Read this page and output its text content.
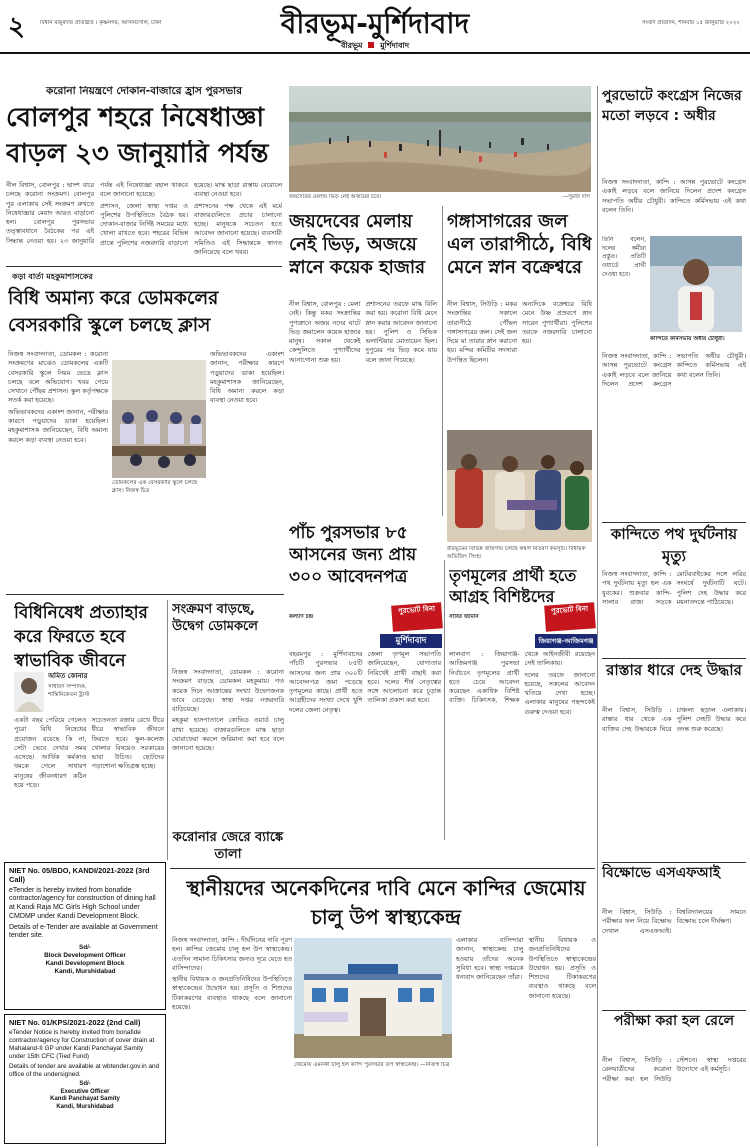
২	বিধান মজুমদার প্রতিষ্ঠিত । কৃষ্ণনগর, আসানসোল, ঢাকা	বীরভূম-মুর্শিদাবাদ	সংবাদ প্রতিদিন, শনিবার ১৫ জানুয়ারি ২০২২
বীরভূম মুর্শিদাবাদ
করোনা নিয়ন্ত্রণে দোকান-বাজারে হ্রাস পুরসভার
বোলপুর শহরে নিষেধাজ্ঞা
বাড়ল ২৩ জানুয়ারি পর্যন্ত

নীল বিশ্বাস, বোলপুর : দ্বাদশ বারে চলছে করোনা সংক্রমণ। বোলপুর পুর এলাকায় সেই সংক্রমণ রুখতে নিষেধাজ্ঞার মেয়াদ আরও বাড়ানো হল। বোলপুর পুরসভার তত্ত্বাবধানে বৈঠকের পর এই সিদ্ধান্ত নেওয়া হয়। ২৩ জানুয়ারি পর্যন্ত এই নিষেধাজ্ঞা বহাল থাকবে বলে জানানো হয়েছে।

প্রশাসন, জেলা স্বাস্থ্য দপ্তর ও পুলিশের উপস্থিতিতে বৈঠক হয়। দোকান-বাজার নির্দিষ্ট সময়ের মধ্যে খোলা রাখতে হবে। শহরের বিভিন্ন প্রান্তে পুলিশের নজরদারি বাড়ানো হয়েছে। মাস্ক ছাড়া রাস্তায় বেরোলে ব্যবস্থা নেওয়া হবে।

প্রশাসনের পক্ষ থেকে এই মর্মে বাজারগুলিতে প্রচার চালানো হচ্ছে। মানুষকে সচেতন হতে আবেদন জানানো হয়েছে। ব্যবসায়ী সমিতিও এই সিদ্ধান্তকে স্বাগত জানিয়েছে বলে খবর।

জয়দেবের মেলায় ভিড় নেই অজয়ের চরে।	—সুরজ দাস
জয়দেবের মেলায় নেই ভিড়, অজয়ে স্নানে কয়েক হাজার

নীল বিশ্বাস, বোলপুর : মেলা নেই। কিন্তু মকর সংক্রান্তির পুণ্যস্নানে অজয় নদের ঘাটে ভিড় জমালেন কয়েক হাজার মানুষ। সকাল থেকেই কেন্দুলিতে পুণ্যার্থীদের আনাগোনা শুরু হয়।

প্রশাসনের তরফে মাস্ক বিলি করা হয়। করোনা বিধি মেনে স্নান করার আবেদন জানানো হয়। পুলিশ ও সিভিক ভলান্টিয়ার মোতায়েন ছিল। দুপুরের পর ভিড় কমে যায় বলে জানা গিয়েছে।

গঙ্গাসাগরের জল এল তারাপীঠে, বিধি মেনে স্নান বক্রেশ্বরে

নীল বিশ্বাস, সিউড়ি : মকর সংক্রান্তির সকালে তারাপীঠে পৌঁছল গঙ্গাসাগরের জল। সেই জল দিয়ে মা তারার স্নান করানো হয়। মন্দির কমিটির সদস্যরা উপস্থিত ছিলেন।

অন্যদিকে বক্রেশ্বরে বিধি মেনে উষ্ণ প্রস্রবণে স্নান সারেন পুণ্যার্থীরা। পুলিশের তরফে নজরদারি চালানো হয়।

বীরভূমের বিভিন্ন জায়গায় চলছে কম্বল বিতরণ কর্মসূচি। বিধায়ক অভিজিৎ সিংহ।
পাঁচ পুরসভার ৮৫ আসনের জন্য প্রায় ৩০০ আবেদনপত্র
কল্যাণ চন্দ্র
পুরভোট বিনা
মুর্শিদাবাদ

বহরমপুর : মুর্শিদাবাদের পাঁচটি পুরসভার ৮৫টি আসনের জন্য প্রায় ৩০০টি আবেদনপত্র জমা পড়েছে তৃণমূলের কাছে। প্রার্থী হতে আগ্রহীদের সংখ্যা দেখে খুশি দলের জেলা নেতৃত্ব।

জেলা তৃণমূল সভাপতি জানিয়েছেন, যোগ্যতার নিরিখেই প্রার্থী বাছাই করা হবে। দলের শীর্ষ নেতৃত্বের সঙ্গে আলোচনা করে চূড়ান্ত তালিকা প্রকাশ করা হবে।

তৃণমূলের প্রার্থী হতে আগ্রহ বিশিষ্টদের
সাবির জামান
পুরভোট বিনা
জিয়াগঞ্জ-আজিমগঞ্জ

লালবাগ : জিয়াগঞ্জ-আজিমগঞ্জ পুরসভা নির্বাচনে তৃণমূলের প্রার্থী হতে চেয়ে আবেদন করেছেন একাধিক বিশিষ্ট ব্যক্তি। চিকিৎসক, শিক্ষক থেকে আইনজীবী রয়েছেন সেই তালিকায়।

দলের তরফে জানানো হয়েছে, সকলের আবেদন খতিয়ে দেখা হচ্ছে। এলাকার মানুষের পছন্দকেই গুরুত্ব দেওয়া হবে।

কড়া বার্তা মহকুমাশাসকের
বিধি অমান্য করে ডোমকলের বেসরকারি স্কুলে চলছে ক্লাস

নিজস্ব সংবাদদাতা, ডোমকল : করোনা সংক্রমণের মাঝেও ডোমকলের একটি বেসরকারি স্কুলে নিয়ম ভেঙে ক্লাস চলছে বলে অভিযোগ। খবর পেয়ে সেখানে পৌঁছয় প্রশাসন। স্কুল কর্তৃপক্ষকে সতর্ক করা হয়েছে।

অভিভাবকদের একাংশ জানান, পরীক্ষার কারণে পড়ুয়াদের ডাকা হয়েছিল। মহকুমাশাসক জানিয়েছেন, বিধি অমান্য করলে কড়া ব্যবস্থা নেওয়া হবে।

ডোমকলের এক বেসরকারি স্কুলে চলছে ক্লাস। নিজস্ব চিত্র

অভিভাবকদের একাংশ জানান, পরীক্ষার কারণে পড়ুয়াদের ডাকা হয়েছিল। মহকুমাশাসক জানিয়েছেন, বিধি অমান্য করলে কড়া ব্যবস্থা নেওয়া হবে।

বিধিনিষেধ প্রত্যাহার করে ফিরতে হবে স্বাভাবিক জীবনে
অমিত কোনার
সাধারণ সম্পাদক, শান্তিনিকেতন ট্রাস্ট

একটা বছর পেরিয়ে গেলেও পুরো বিধি নিষেধের প্রয়োজন রয়েছে কি না, সেটা ভেবে দেখার সময় এসেছে। আর্থিক কর্মকাণ্ড থমকে গেলে সাধারণ মানুষের জীবনধারণ কঠিন হয়ে পড়ে।

সচেতনতা বজায় রেখে ধীরে ধীরে স্বাভাবিক জীবনে ফিরতে হবে। স্কুল-কলেজ খোলার বিষয়েও সরকারের ভাবা উচিত। ছোটদের পড়াশোনা ক্ষতিগ্রস্ত হচ্ছে।

সংক্রমণ বাড়ছে, উদ্বেগ ডোমকলে

নিজস্ব সংবাদদাতা, ডোমকল : করোনা সংক্রমণ বাড়ছে ডোমকল মহকুমায়। গত কয়েক দিনে আক্রান্তের সংখ্যা উদ্বেগজনক ভাবে বেড়েছে। স্বাস্থ্য দপ্তর নজরদারি বাড়িয়েছে।

মহকুমা হাসপাতালে কোভিড ওয়ার্ড চালু রাখা হয়েছে। বাজারগুলিতে মাস্ক ছাড়া ঘোরাফেরা করলে জরিমানা করা হবে বলে জানানো হয়েছে।

করোনার জেরে ব্যাঙ্কে তালা
স্থানীয়দের অনেকদিনের দাবি মেনে কান্দির জেমোয় চালু উপ স্বাস্থ্যকেন্দ্র

নিজস্ব সংবাদদাতা, কান্দি : দীর্ঘদিনের দাবি পূরণ হল। কান্দির জেমোয় চালু হল উপ স্বাস্থ্যকেন্দ্র। এতদিন সামান্য চিকিৎসার জন্যও দূরে যেতে হত বাসিন্দাদের।

স্থানীয় বিধায়ক ও জনপ্রতিনিধিদের উপস্থিতিতে স্বাস্থ্যকেন্দ্রের উদ্বোধন হয়। প্রসূতি ও শিশুদের টিকাকরণের ব্যবস্থাও থাকছে বলে জানানো হয়েছে।

জেমোয় এমনকী চালু হল কান্দি পুরসভার উপ স্বাস্থ্যকেন্দ্র। —নিজস্ব চিত্র

এলাকার বাসিন্দারা জানান, স্বাস্থ্যকেন্দ্র চালু হওয়ায় তাঁদের অনেক সুবিধা হবে। স্বাস্থ্য দপ্তরকে ধন্যবাদ জানিয়েছেন তাঁরা।

স্থানীয় বিধায়ক ও জনপ্রতিনিধিদের উপস্থিতিতে স্বাস্থ্যকেন্দ্রের উদ্বোধন হয়। প্রসূতি ও শিশুদের টিকাকরণের ব্যবস্থাও থাকছে বলে জানানো হয়েছে।

NIET No. 05/BDO, KANDI/2021-2022 (3rd Call)
eTender is hereby invited from bonafide contractor/agency for construction of dining hall at Kandi Raja MC Girls High School under CMDMP under Kandi Development Block.
Details of e-Tender are available at Government tender site.
Sd/-
Block Development Officer
Kandi Development Block
Kandi, Murshidabad
NIET No. 01/KPS/2021-2022 (2nd Call)
eTender Notice is hereby invited from bonafide contractor/agency for Construction of cover drain at Mahaland-II GP under Kandi Panchayat Samity under 15th CFC (Tied Fund)
Details of tender are available at wbtender.gov.in and office of the undersigned.
Sd/-
Executive Officer
Kandi Panchayat Samity
Kandi, Murshidabad
পুরভোটে কংগ্রেস নিজের মতো লড়বে : অধীর

নিজস্ব সংবাদদাতা, কান্দি : আসন্ন পুরভোটে কংগ্রেস একাই লড়বে বলে জানিয়ে দিলেন প্রদেশ কংগ্রেস সভাপতি অধীর চৌধুরী। কান্দিতে কর্মিসভায় এই কথা বলেন তিনি।

তিনি বলেন, দলের কর্মীরা প্রস্তুত। প্রতিটি ওয়ার্ডে প্রার্থী দেওয়া হবে।

কান্দিতে কর্মিসভায় অধীর চৌধুরী।

নিজস্ব সংবাদদাতা, কান্দি : আসন্ন পুরভোটে কংগ্রেস একাই লড়বে বলে জানিয়ে দিলেন প্রদেশ কংগ্রেস সভাপতি অধীর চৌধুরী। কান্দিতে কর্মিসভায় এই কথা বলেন তিনি।

কান্দিতে পথ দুর্ঘটনায় মৃত্যু

নিজস্ব সংবাদদাতা, কান্দি : পথ দুর্ঘটনায় মৃত্যু হল এক যুবকের। শুক্রবার কান্দি-সালার রাজ্য সড়কে মোটরবাইকের সঙ্গে লরির সংঘর্ষে দুর্ঘটনাটি ঘটে। পুলিশ দেহ উদ্ধার করে ময়নাতদন্তে পাঠিয়েছে।

রাস্তার ধারে দেহ উদ্ধার

নীল বিশ্বাস, সিউড়ি : রাস্তার ধার থেকে এক ব্যক্তির দেহ উদ্ধারকে ঘিরে চাঞ্চল্য ছড়াল এলাকায়। পুলিশ দেহটি উদ্ধার করে তদন্ত শুরু করেছে।

বিক্ষোভে এসএফআই

নীল বিশ্বাস, সিউড়ি : পরীক্ষার ফল নিয়ে বিক্ষোভ দেখাল এসএফআই। বিশ্ববিদ্যালয়ের সামনে বিক্ষোভ চলে দীর্ঘক্ষণ।

পরীক্ষা করা হল রেলে

নীল বিশ্বাস, সিউড়ি : রেলযাত্রীদের করোনা পরীক্ষা করা হল সিউড়ি স্টেশনে। স্বাস্থ্য দপ্তরের উদ্যোগে এই কর্মসূচি।
